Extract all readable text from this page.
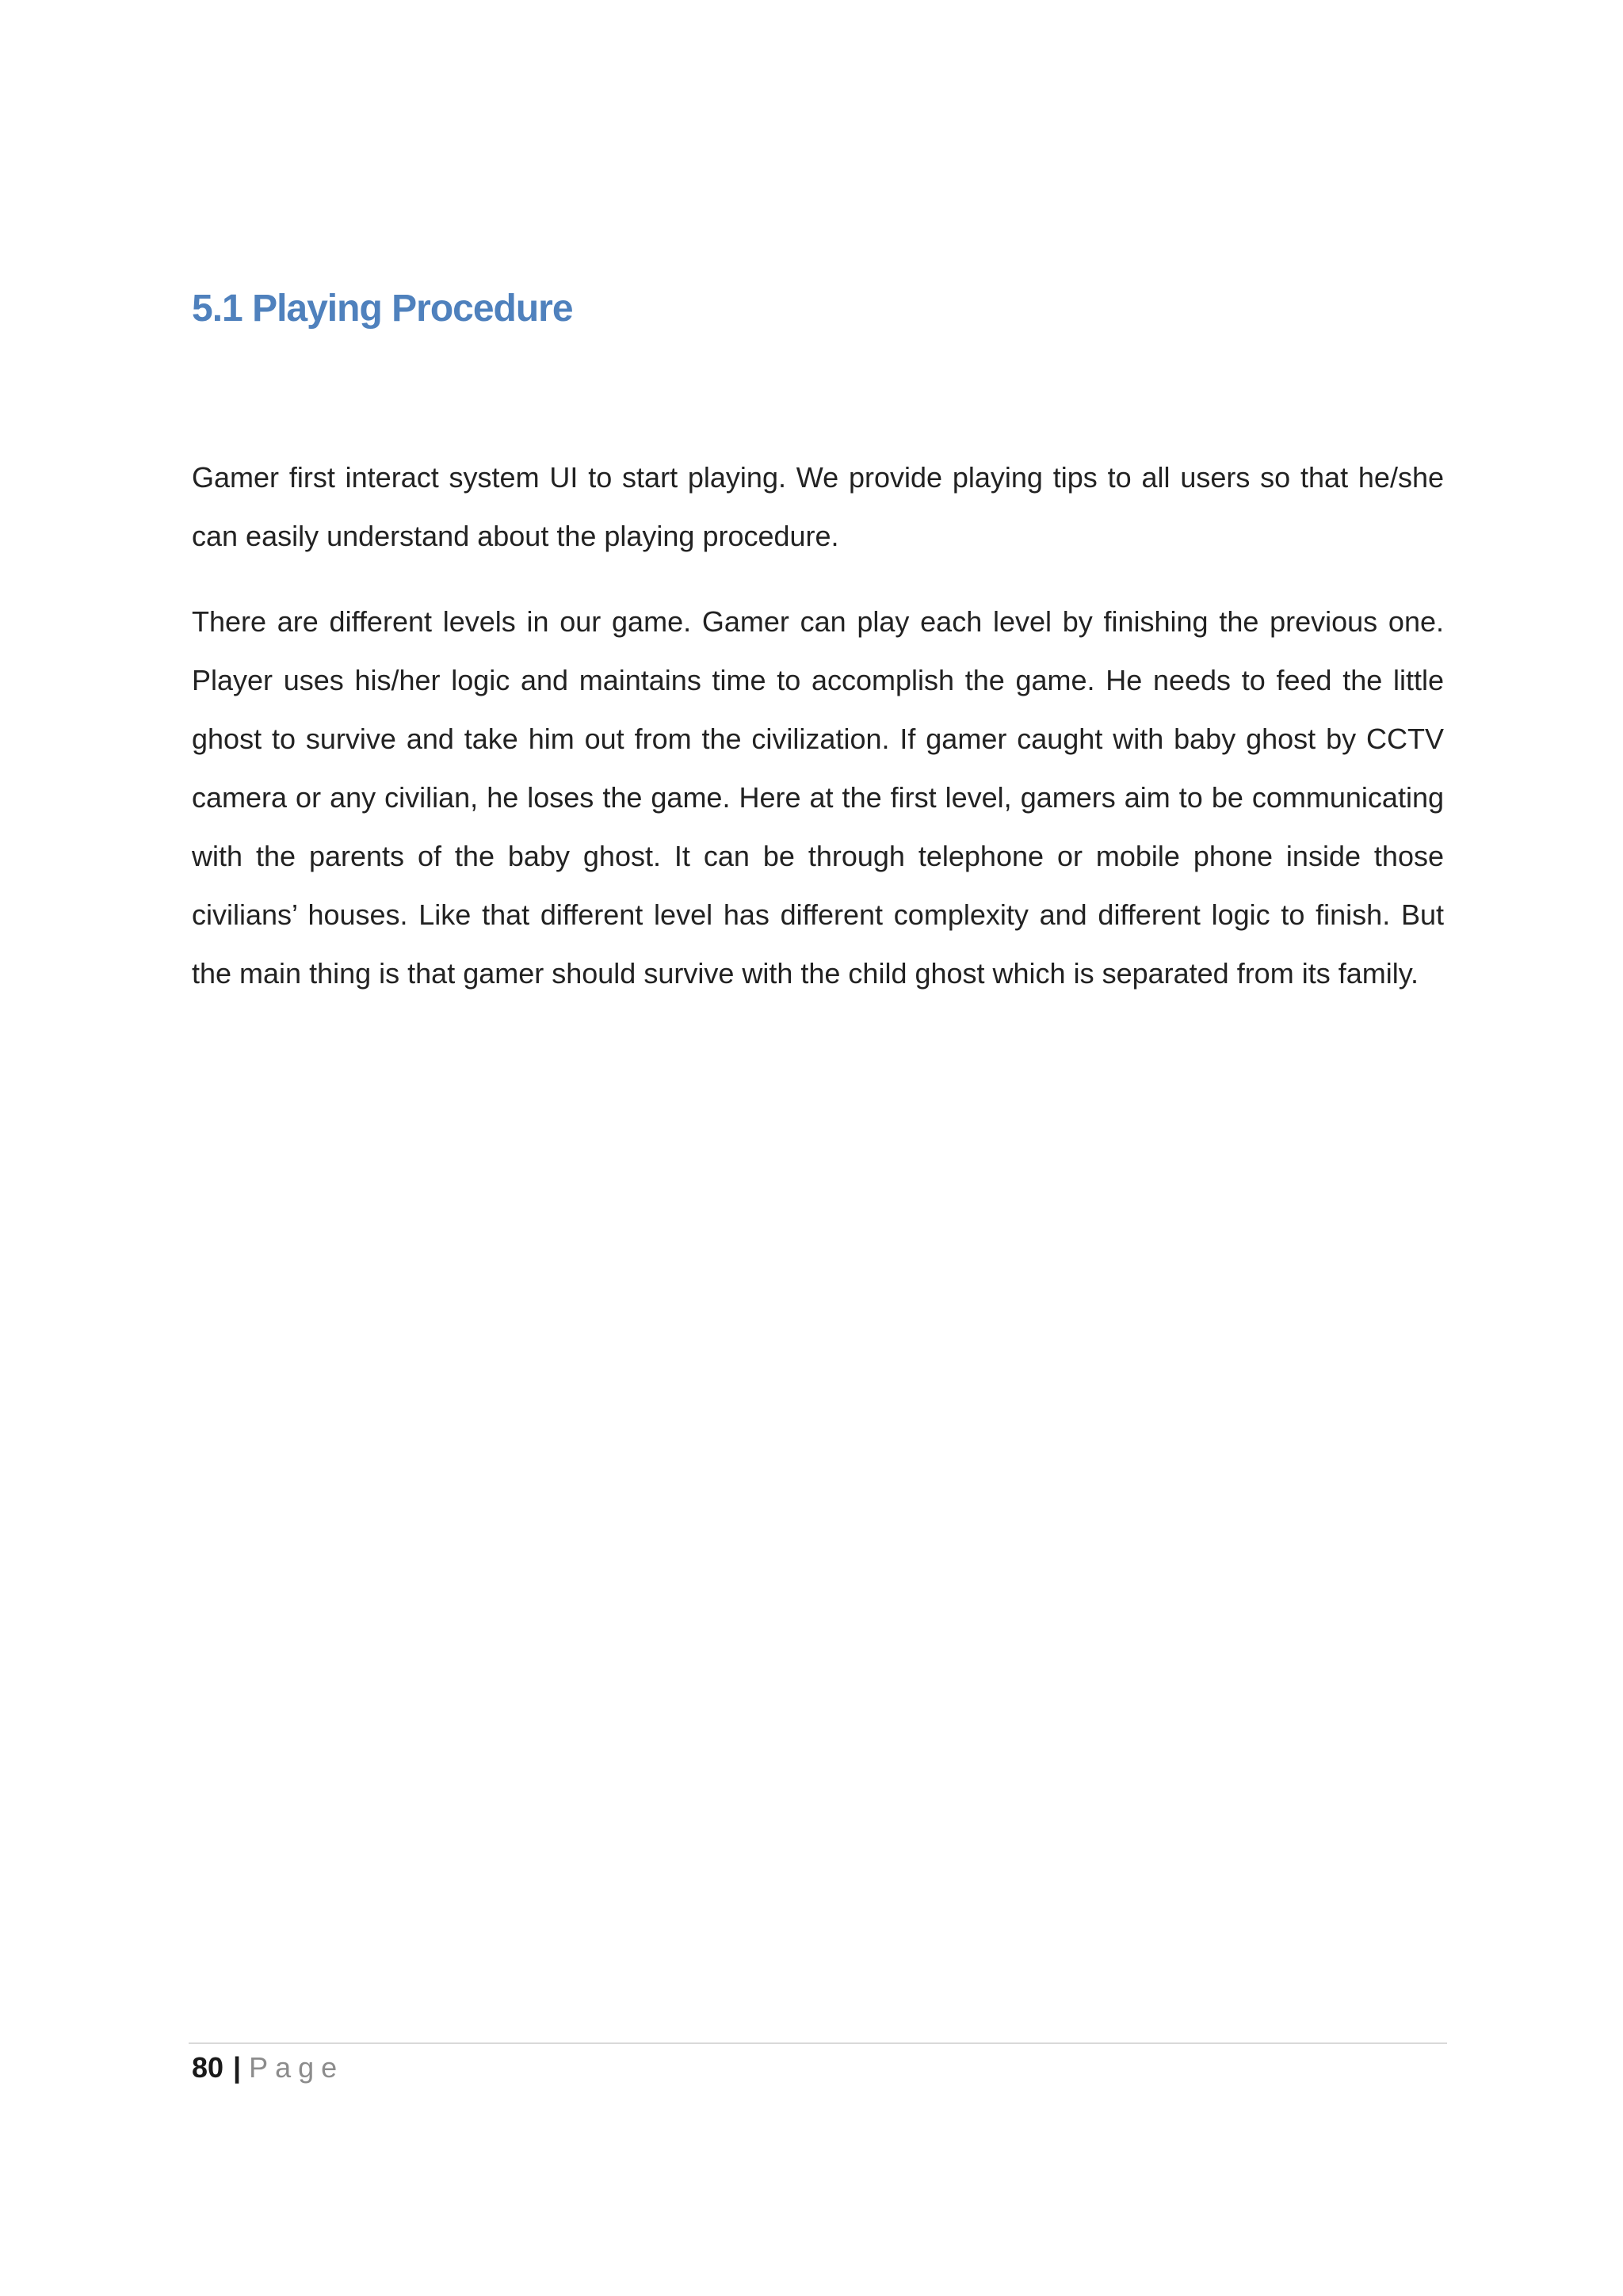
5.1 Playing Procedure

Gamer first interact system UI to start playing. We provide playing tips to all users so that he/she can easily understand about the playing procedure.

There are different levels in our game. Gamer can play each level by finishing the previous one. Player uses his/her logic and maintains time to accomplish the game. He needs to feed the little ghost to survive and take him out from the civilization. If gamer caught with baby ghost by CCTV camera or any civilian, he loses the game. Here at the first level, gamers aim to be communicating with the parents of the baby ghost. It can be through telephone or mobile phone inside those civilians’ houses. Like that different level has different complexity and different logic to finish. But the main thing is that gamer should survive with the child ghost which is separated from its family.

80 | Page
